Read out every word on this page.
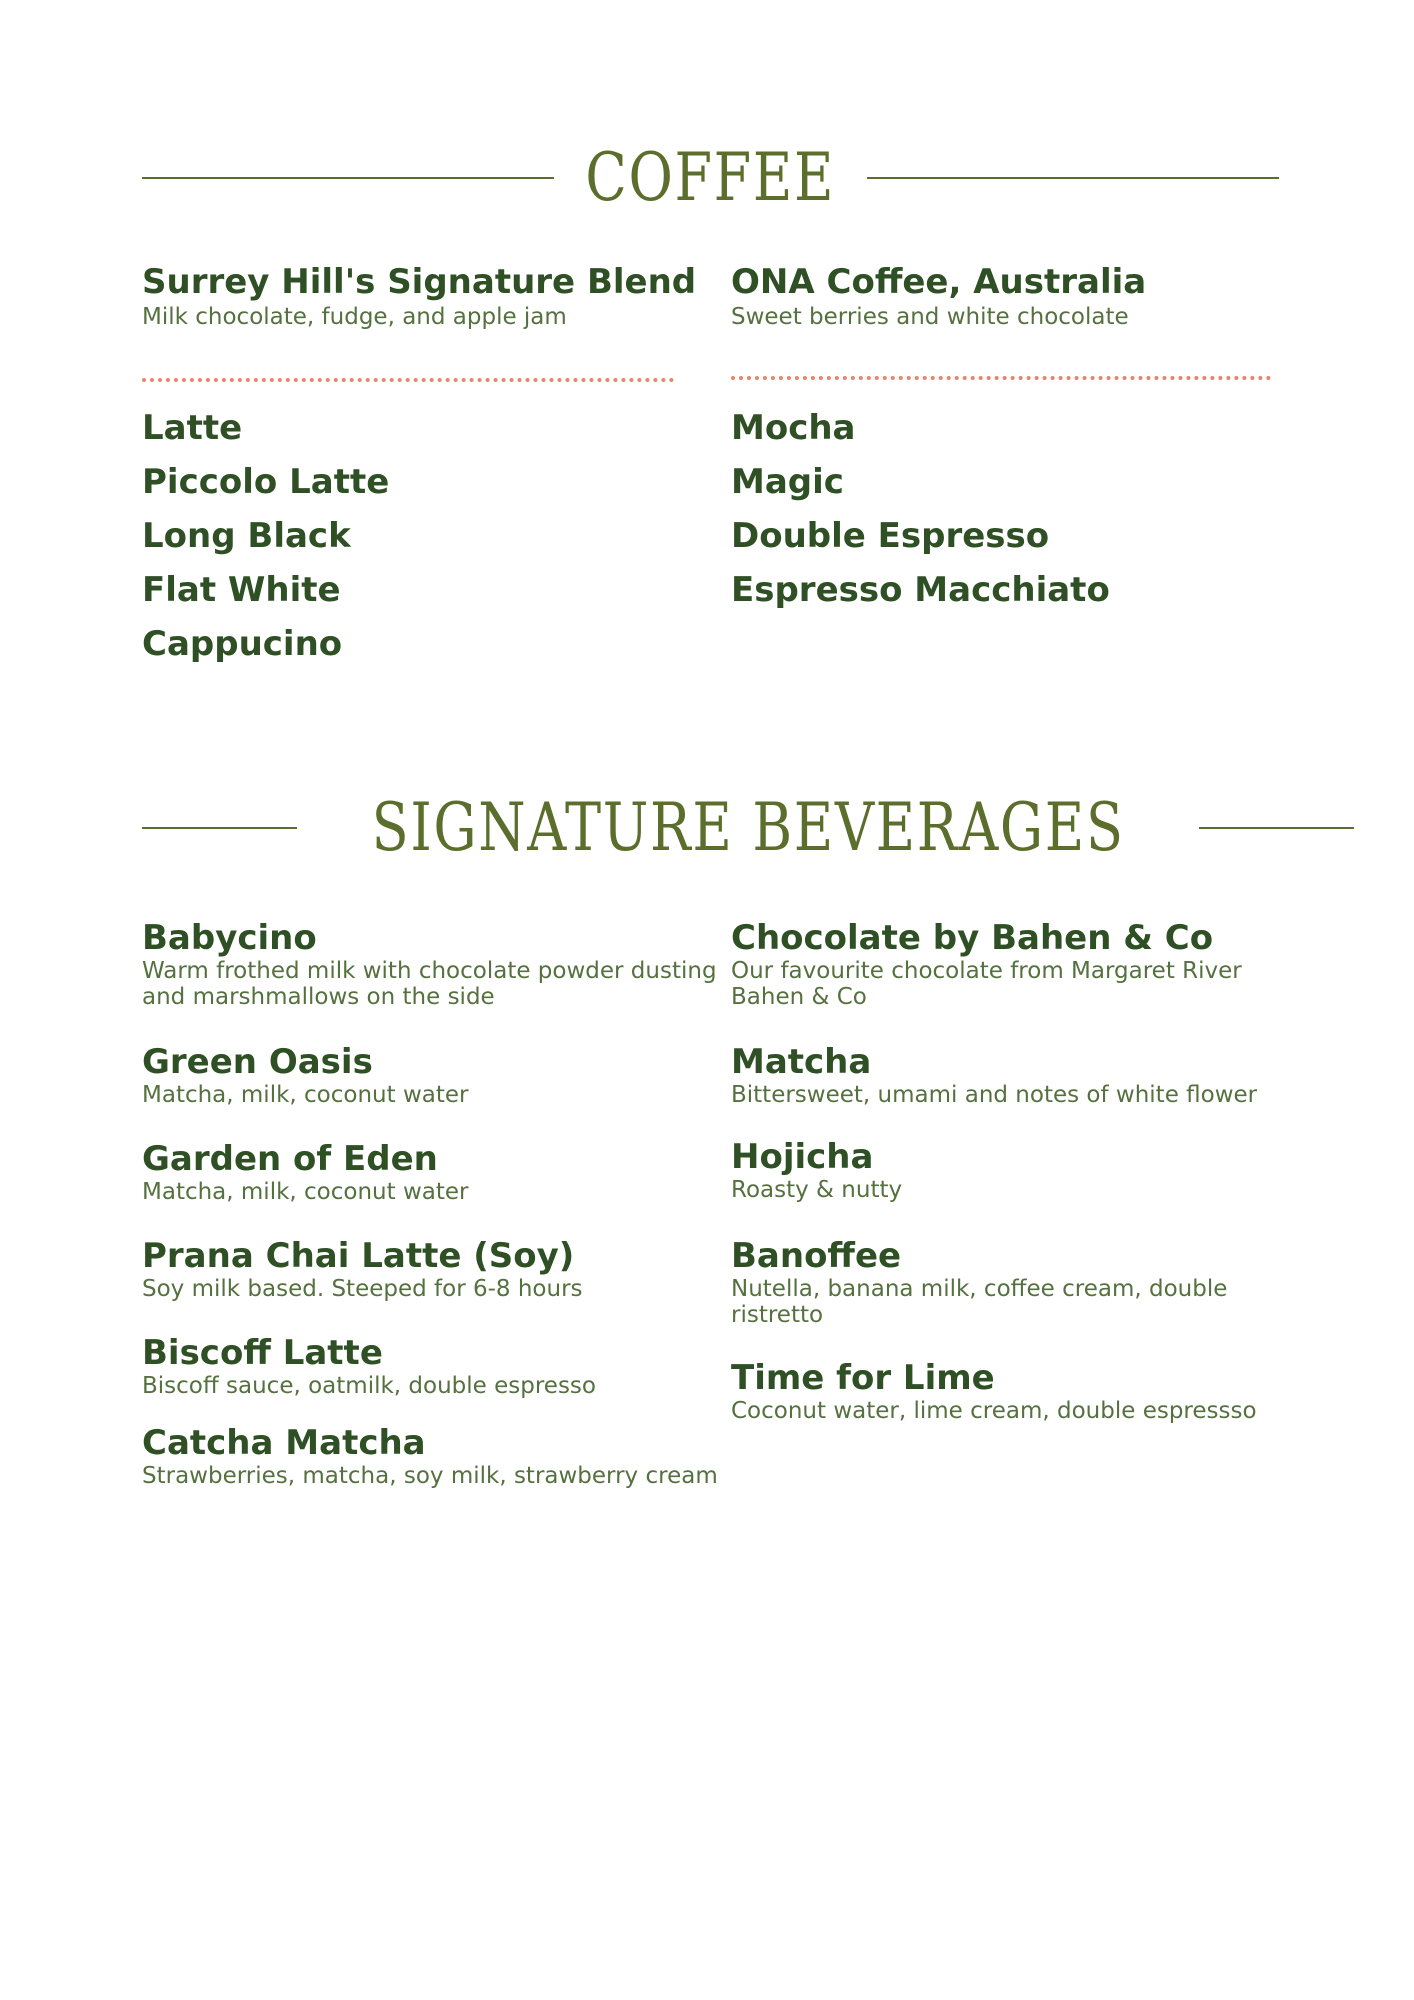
COFFEE
Surrey Hill's Signature Blend
Milk chocolate, fudge, and apple jam
ONA Coffee, Australia
Sweet berries and white chocolate
Latte
Piccolo Latte
Long Black
Flat White
Cappucino
Mocha
Magic
Double Espresso
Espresso Macchiato
SIGNATURE BEVERAGES
Babycino
Warm frothed milk with chocolate powder dusting and marshmallows on the side
Green Oasis
Matcha, milk, coconut water
Garden of Eden
Matcha, milk, coconut water
Prana Chai Latte (Soy)
Soy milk based. Steeped for 6-8 hours
Biscoff Latte
Biscoff sauce, oatmilk, double espresso
Catcha Matcha
Strawberries, matcha, soy milk, strawberry cream
Chocolate by Bahen & Co
Our favourite chocolate from Margaret River Bahen & Co
Matcha
Bittersweet, umami and notes of white flower
Hojicha
Roasty & nutty
Banoffee
Nutella, banana milk, coffee cream, double ristretto
Time for Lime
Coconut water, lime cream, double espressso
